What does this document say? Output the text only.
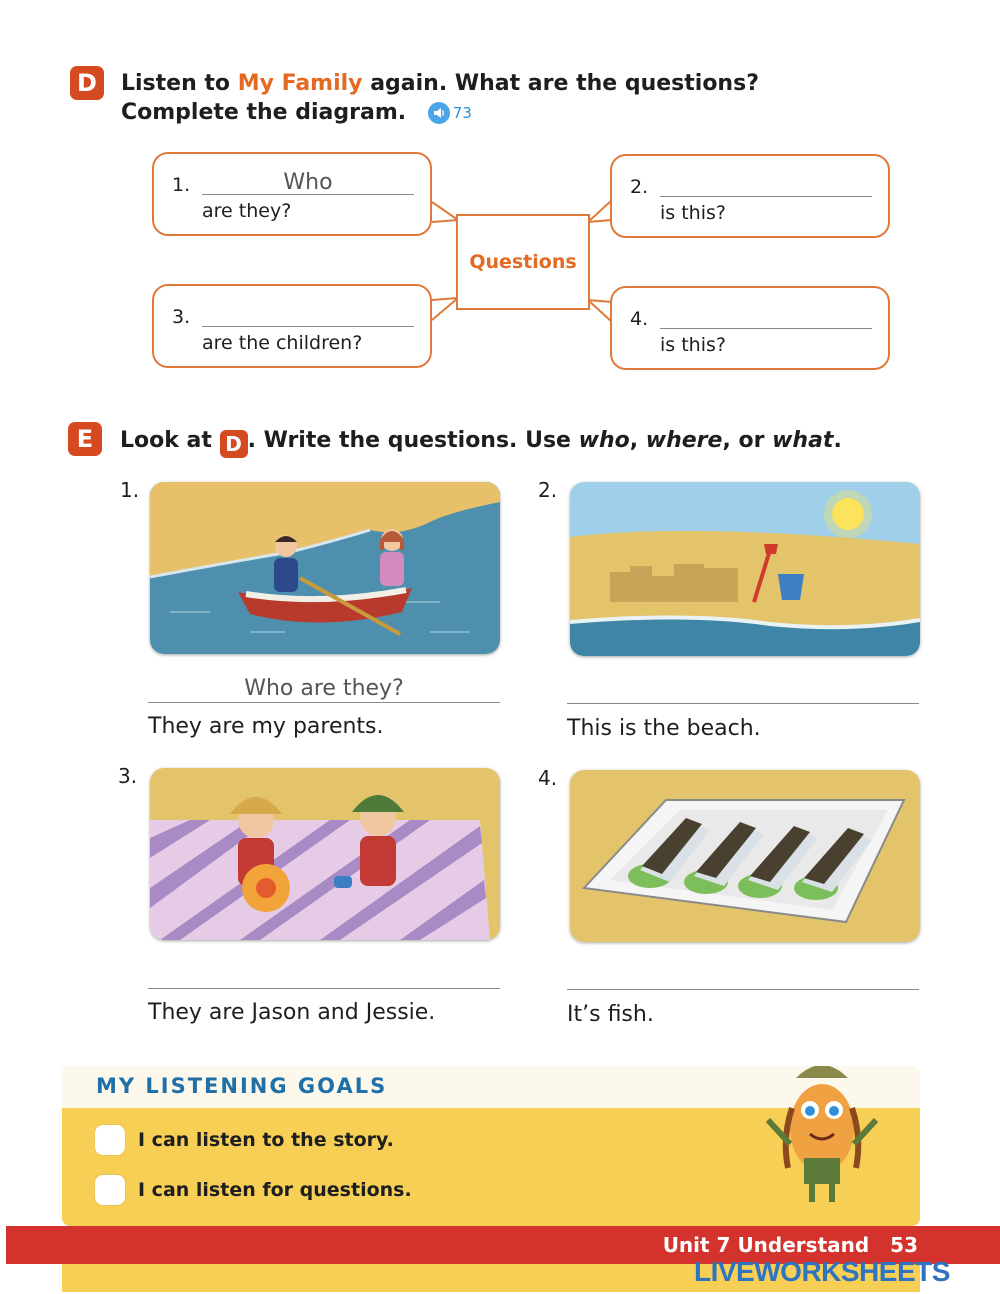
D	Listen to My Family again. What are the questions?
Complete the diagram.	73
1.	Who
are they?
2.
is this?
3.
are the children?
4.
is this?
Questions
E	Look at D . Write the questions. Use who, where, or what.
1.
Who are they?
They are my parents.
2.
This is the beach.
3.
They are Jason and Jessie.
4.
It’s fish.
MY LISTENING GOALS
I can listen to the story.
I can listen for questions.
Unit 7 Understand 53
LIVEWORKSHEETS
